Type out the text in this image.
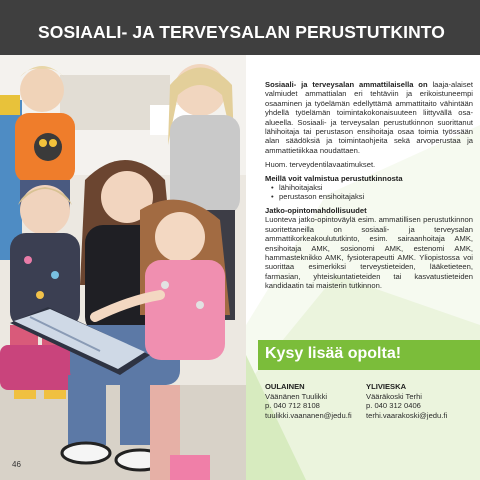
SOSIAALI- JA TERVEYSALAN PERUSTUTKINTO

Sosiaali- ja terveysalan ammattilaisella on laaja-alaiset valmiudet ammattialan eri tehtäviin ja erikoistuneempi osaaminen ja työelämän edellyttämä ammattitaito vähintään yhdellä työelämän toimintakokonaisuuteen liittyvällä osa-alueella. Sosiaali- ja terveysalan perustutkinnon suorittanut lähihoitaja tai perustason ensihoitaja osaa toimia työssään alan säädöksiä ja toimintaohjeita sekä arvoperustaa ja ammattietiikkaa noudattaen.

Huom. terveydentilavaatimukset.

Meillä voit valmistua perustutkinnosta
• lähihoitajaksi
• perustason ensihoitajaksi
Jatko-opintomahdollisuudet

Luonteva jatko-opintoväylä esim. ammatillisen perustutkinnon suoritettaneilla on sosiaali- ja terveysalan ammattikorkeakoulututkinto, esim. sairaanhoitaja AMK, ensihoitaja AMK, sosionomi AMK, estenomi AMK, hammasteknikko AMK, fysioterapeutti AMK. Yliopistossa voi suorittaa esimerkiksi terveystieteiden, lääketieteen, farmasian, yhteiskuntatieteiden tai kasvatustieteiden kandidaatin tai maisterin tutkinnon.

Kysy lisää opolta!
OULAINEN
Väänänen Tuulikki
p. 040 712 8108
tuulikki.vaananen@jedu.fi
YLIVIESKA
Vääräkoski Terhi
p. 040 312 0406
terhi.vaarakoski@jedu.fi
46
